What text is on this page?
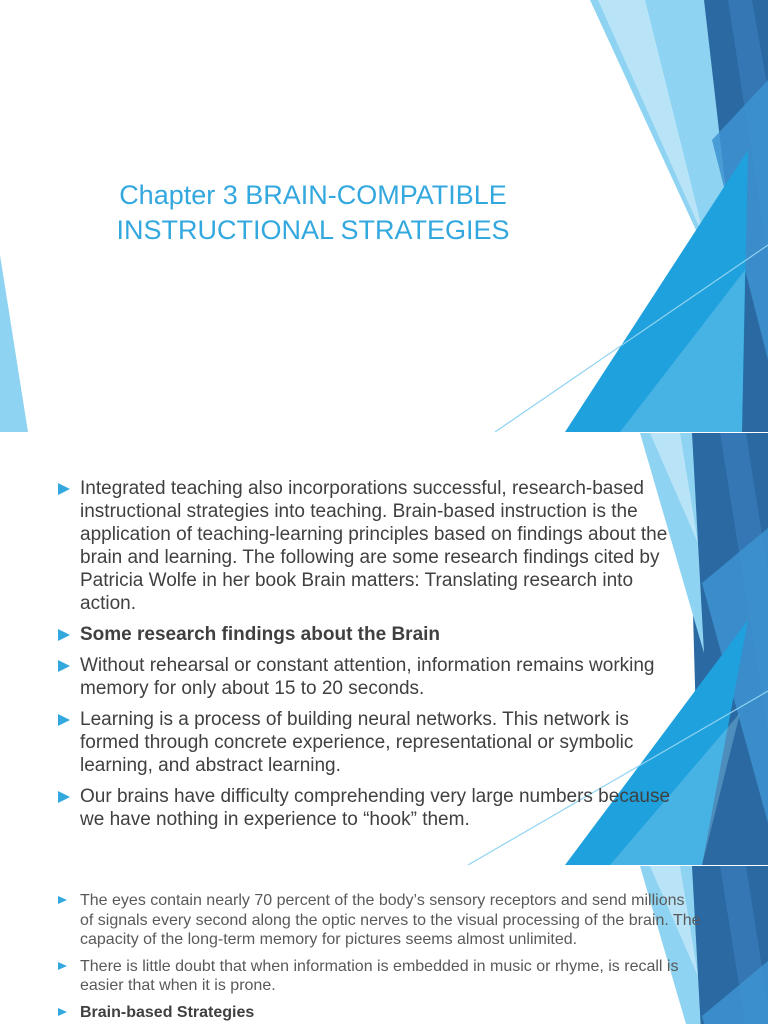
Chapter 3 BRAIN-COMPATIBLE
INSTRUCTIONAL STRATEGIES
Integrated teaching also incorporations successful, research-based
instructional strategies into teaching. Brain-based instruction is the
application of teaching-learning principles based on findings about the
brain and learning. The following are some research findings cited by
Patricia Wolfe in her book Brain matters: Translating research into
action.
Some research findings about the Brain
Without rehearsal or constant attention, information remains working
memory for only about 15 to 20 seconds.
Learning is a process of building neural networks. This network is
formed through concrete experience, representational or symbolic
learning, and abstract learning.
Our brains have difficulty comprehending very large numbers because
we have nothing in experience to “hook” them.
The eyes contain nearly 70 percent of the body’s sensory receptors and send millions
of signals every second along the optic nerves to the visual processing of the brain. The
capacity of the long-term memory for pictures seems almost unlimited.
There is little doubt that when information is embedded in music or rhyme, is recall is
easier that when it is prone.
Brain-based Strategies
